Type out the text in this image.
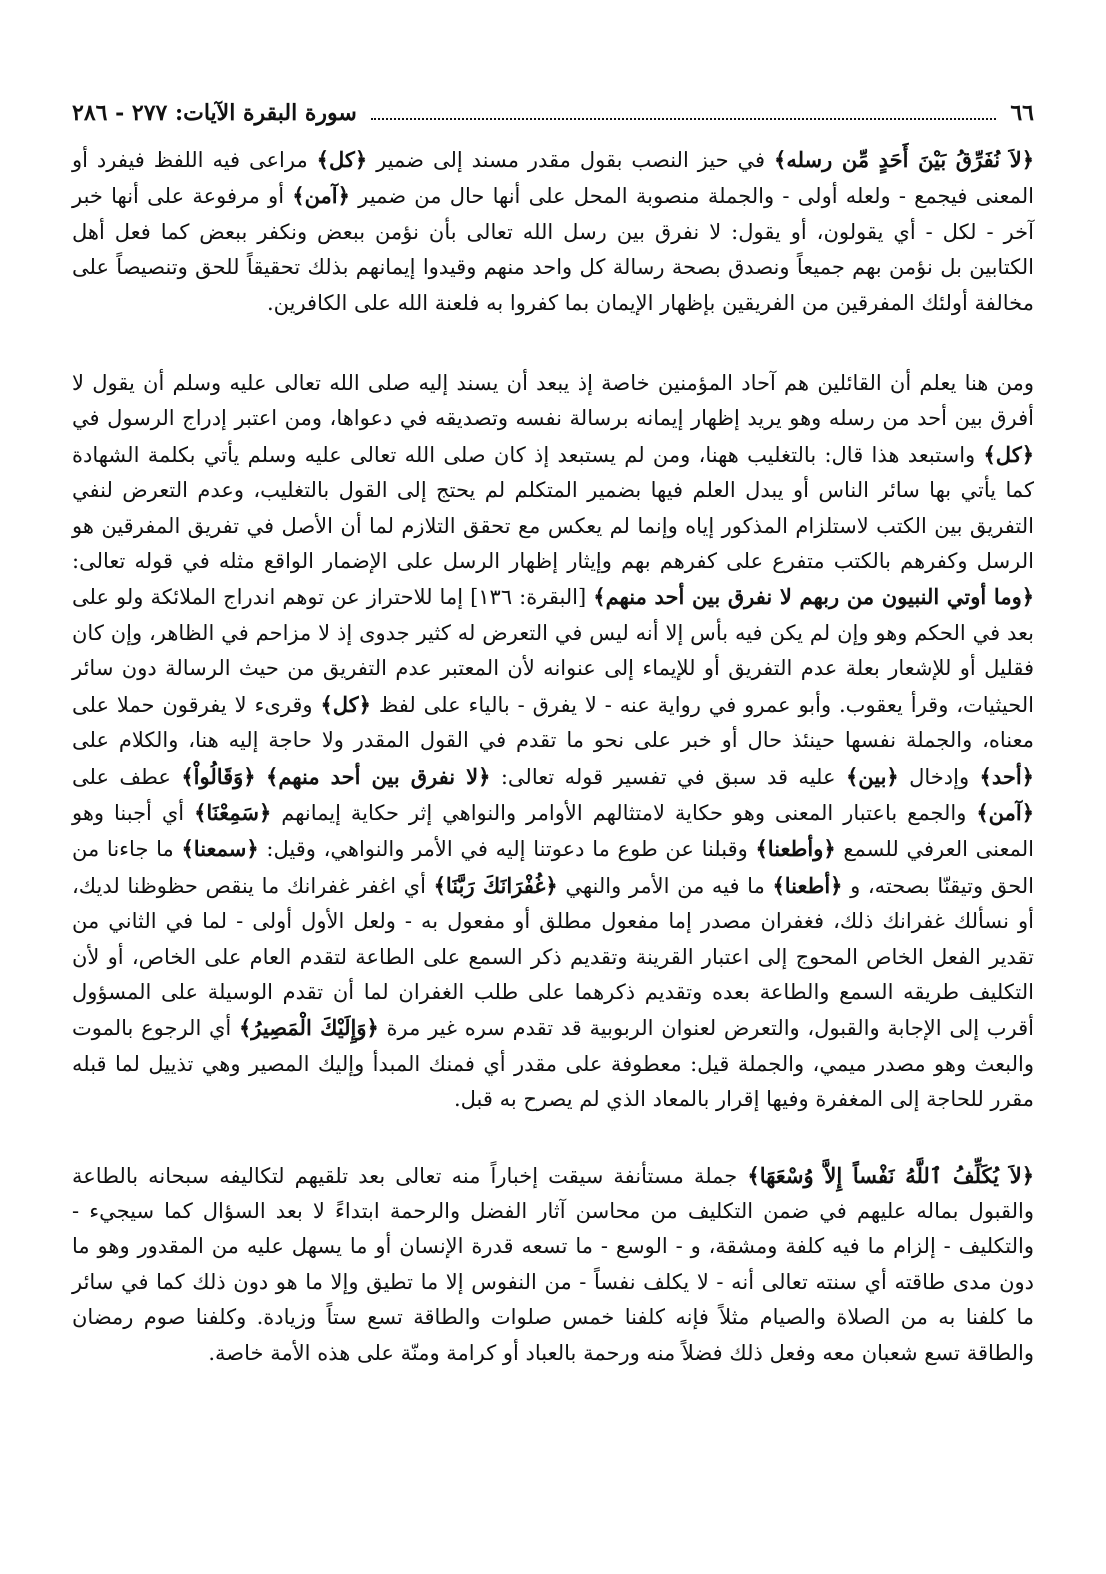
٦٦
سورة البقرة الآيات: ٢٧٧ - ٢٨٦

﴿لاَ نُفَرِّقُ بَيْنَ أَحَدٍ مِّن رسله﴾ في حيز النصب بقول مقدر مسند إلى ضمير ﴿كل﴾ مراعى فيه اللفظ فيفرد أو المعنى فيجمع - ولعله أولى - والجملة منصوبة المحل على أنها حال من ضمير ﴿آمن﴾ أو مرفوعة على أنها خبر آخر - لكل - أي يقولون، أو يقول: لا نفرق بين رسل الله تعالى بأن نؤمن ببعض ونكفر ببعض كما فعل أهل الكتابين بل نؤمن بهم جميعاً ونصدق بصحة رسالة كل واحد منهم وقيدوا إيمانهم بذلك تحقيقاً للحق وتنصيصاً على مخالفة أولئك المفرقين من الفريقين بإظهار الإيمان بما كفروا به فلعنة الله على الكافرين.

ومن هنا يعلم أن القائلين هم آحاد المؤمنين خاصة إذ يبعد أن يسند إليه صلى الله تعالى عليه وسلم أن يقول لا أفرق بين أحد من رسله وهو يريد إظهار إيمانه برسالة نفسه وتصديقه في دعواها، ومن اعتبر إدراج الرسول في ﴿كل﴾ واستبعد هذا قال: بالتغليب ههنا، ومن لم يستبعد إذ كان صلى الله تعالى عليه وسلم يأتي بكلمة الشهادة كما يأتي بها سائر الناس أو يبدل العلم فيها بضمير المتكلم لم يحتج إلى القول بالتغليب، وعدم التعرض لنفي التفريق بين الكتب لاستلزام المذكور إياه وإنما لم يعكس مع تحقق التلازم لما أن الأصل في تفريق المفرقين هو الرسل وكفرهم بالكتب متفرع على كفرهم بهم وإيثار إظهار الرسل على الإضمار الواقع مثله في قوله تعالى: ﴿وما أوتي النبيون من ربهم لا نفرق بين أحد منهم﴾ [البقرة: ١٣٦] إما للاحتراز عن توهم اندراج الملائكة ولو على بعد في الحكم وهو وإن لم يكن فيه بأس إلا أنه ليس في التعرض له كثير جدوى إذ لا مزاحم في الظاهر، وإن كان فقليل أو للإشعار بعلة عدم التفريق أو للإيماء إلى عنوانه لأن المعتبر عدم التفريق من حيث الرسالة دون سائر الحيثيات، وقرأ يعقوب. وأبو عمرو في رواية عنه - لا يفرق - بالياء على لفظ ﴿كل﴾ وقرىء لا يفرقون حملا على معناه، والجملة نفسها حينئذ حال أو خبر على نحو ما تقدم في القول المقدر ولا حاجة إليه هنا، والكلام على ﴿أحد﴾ وإدخال ﴿بين﴾ عليه قد سبق في تفسير قوله تعالى: ﴿لا نفرق بين أحد منهم﴾ ﴿وَقَالُواْ﴾ عطف على ﴿آمن﴾ والجمع باعتبار المعنى وهو حكاية لامتثالهم الأوامر والنواهي إثر حكاية إيمانهم ﴿سَمِعْنَا﴾ أي أجبنا وهو المعنى العرفي للسمع ﴿وأطعنا﴾ وقبلنا عن طوع ما دعوتنا إليه في الأمر والنواهي، وقيل: ﴿سمعنا﴾ ما جاءنا من الحق وتيقنّا بصحته، و ﴿أطعنا﴾ ما فيه من الأمر والنهي ﴿غُفْرَانَكَ رَبَّنَا﴾ أي اغفر غفرانك ما ينقص حظوظنا لديك، أو نسألك غفرانك ذلك، فغفران مصدر إما مفعول مطلق أو مفعول به - ولعل الأول أولى - لما في الثاني من تقدير الفعل الخاص المحوج إلى اعتبار القرينة وتقديم ذكر السمع على الطاعة لتقدم العام على الخاص، أو لأن التكليف طريقه السمع والطاعة بعده وتقديم ذكرهما على طلب الغفران لما أن تقدم الوسيلة على المسؤول أقرب إلى الإجابة والقبول، والتعرض لعنوان الربوبية قد تقدم سره غير مرة ﴿وَإِلَيْكَ الْمَصِيرُ﴾ أي الرجوع بالموت والبعث وهو مصدر ميمي، والجملة قيل: معطوفة على مقدر أي فمنك المبدأ وإليك المصير وهي تذييل لما قبله مقرر للحاجة إلى المغفرة وفيها إقرار بالمعاد الذي لم يصرح به قبل.

﴿لاَ يُكَلِّفُ ٱللَّهُ نَفْساً إِلاَّ وُسْعَهَا﴾ جملة مستأنفة سيقت إخباراً منه تعالى بعد تلقيهم لتكاليفه سبحانه بالطاعة والقبول بماله عليهم في ضمن التكليف من محاسن آثار الفضل والرحمة ابتداءً لا بعد السؤال كما سيجيء - والتكليف - إلزام ما فيه كلفة ومشقة، و - الوسع - ما تسعه قدرة الإنسان أو ما يسهل عليه من المقدور وهو ما دون مدى طاقته أي سنته تعالى أنه - لا يكلف نفساً - من النفوس إلا ما تطيق وإلا ما هو دون ذلك كما في سائر ما كلفنا به من الصلاة والصيام مثلاً فإنه كلفنا خمس صلوات والطاقة تسع ستاً وزيادة. وكلفنا صوم رمضان والطاقة تسع شعبان معه وفعل ذلك فضلاً منه ورحمة بالعباد أو كرامة ومنّة على هذه الأمة خاصة.
